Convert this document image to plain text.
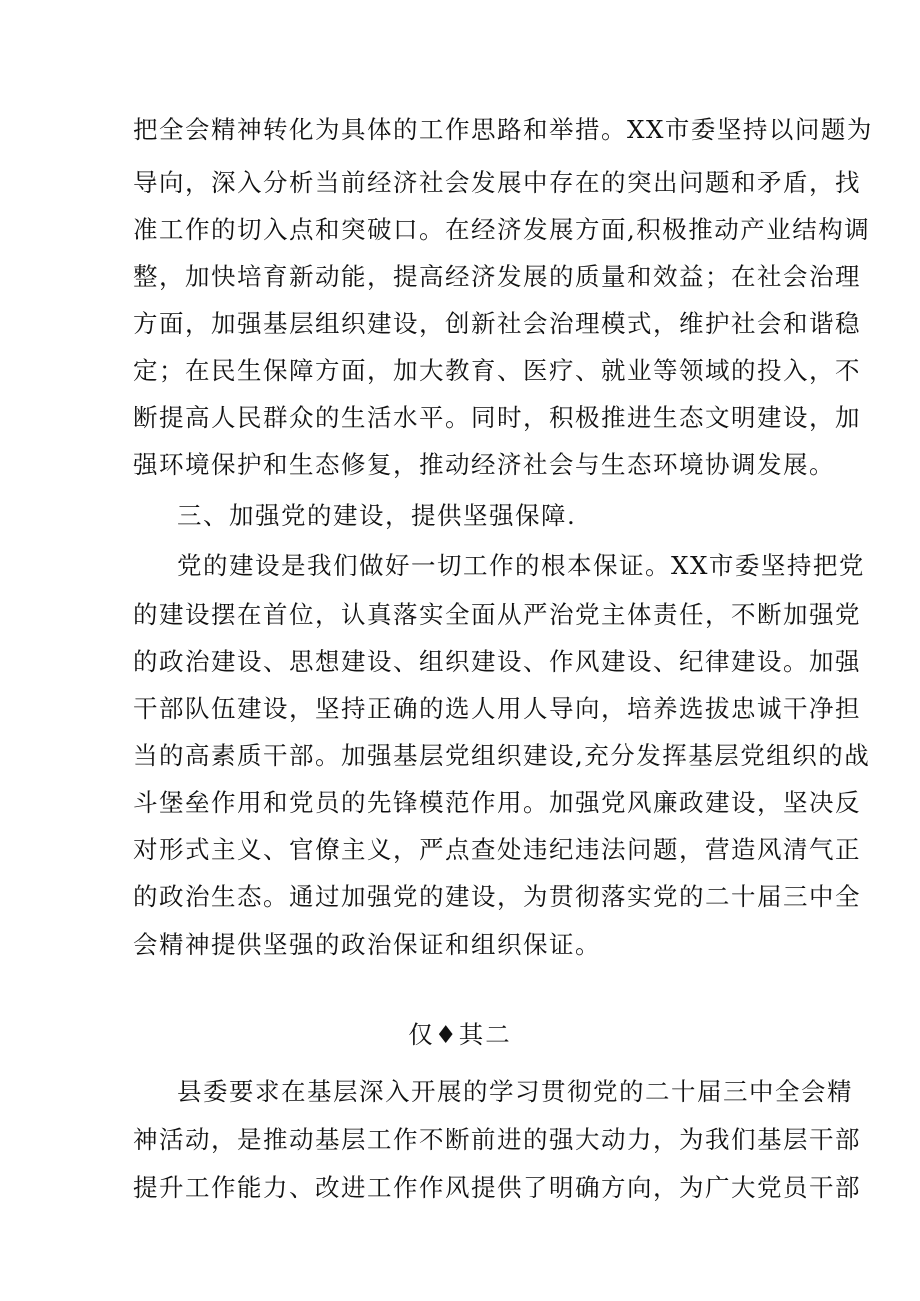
把全会精神转化为具体的工作思路和举措。XX市委坚持以问题为
导向，深入分析当前经济社会发展中存在的突出问题和矛盾，找
准工作的切入点和突破口。在经济发展方面,积极推动产业结构调
整，加快培育新动能，提高经济发展的质量和效益；在社会治理
方面，加强基层组织建设，创新社会治理模式，维护社会和谐稳
定；在民生保障方面，加大教育、医疗、就业等领域的投入，不
断提高人民群众的生活水平。同时，积极推进生态文明建设，加
强环境保护和生态修复，推动经济社会与生态环境协调发展。
三、加强党的建设，提供坚强保障.
党的建设是我们做好一切工作的根本保证。XX市委坚持把党
的建设摆在首位，认真落实全面从严治党主体责任，不断加强党
的政治建设、思想建设、组织建设、作风建设、纪律建设。加强
干部队伍建设，坚持正确的选人用人导向，培养选拔忠诚干净担
当的高素质干部。加强基层党组织建设,充分发挥基层党组织的战
斗堡垒作用和党员的先锋模范作用。加强党风廉政建设，坚决反
对形式主义、官僚主义，严点查处违纪违法问题，营造风清气正
的政治生态。通过加强党的建设，为贯彻落实党的二十届三中全
会精神提供坚强的政治保证和组织保证。
仅♦其二
县委要求在基层深入开展的学习贯彻党的二十届三中全会精
神活动，是推动基层工作不断前进的强大动力，为我们基层干部
提升工作能力、改进工作作风提供了明确方向，为广大党员干部
